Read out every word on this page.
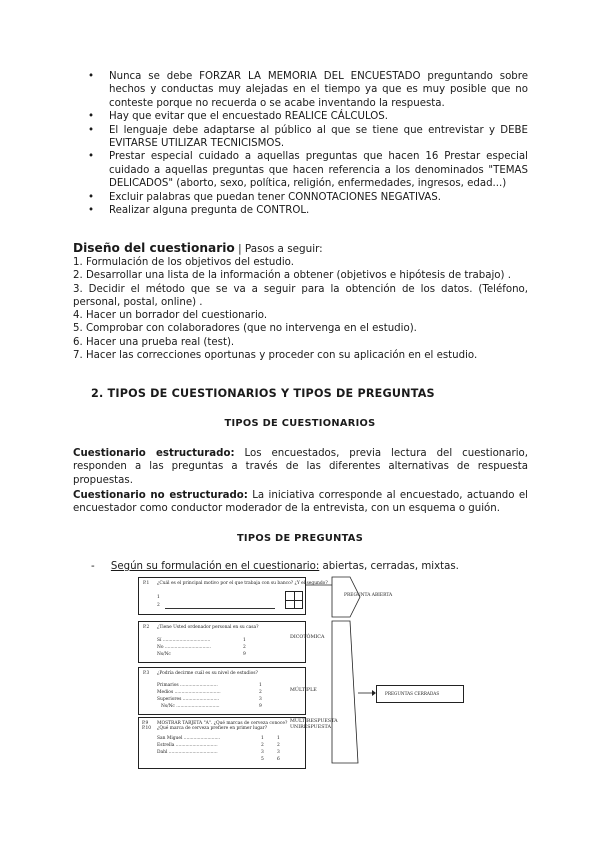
• Nunca se debe FORZAR LA MEMORIA DEL ENCUESTADO preguntando sobre hechos y conductas muy alejadas en el tiempo ya que es muy posible que no conteste porque no recuerda o se acabe inventando la respuesta.
• Hay que evitar que el encuestado REALICE CÁLCULOS.
• El lenguaje debe adaptarse al público al que se tiene que entrevistar y DEBE EVITARSE UTILIZAR TECNICISMOS.
• Prestar especial cuidado a aquellas preguntas que hacen 16 Prestar especial cuidado a aquellas preguntas que hacen referencia a los denominados "TEMAS DELICADOS" (aborto, sexo, política, religión, enfermedades, ingresos, edad...)
• Excluir palabras que puedan tener CONNOTACIONES NEGATIVAS.
• Realizar alguna pregunta de CONTROL.
Diseño del cuestionario | Pasos a seguir:
1. Formulación de los objetivos del estudio.
2. Desarrollar una lista de la información a obtener (objetivos e hipótesis de trabajo) .
3. Decidir el método que se va a seguir para la obtención de los datos. (Teléfono, personal, postal, online) .
4. Hacer un borrador del cuestionario.
5. Comprobar con colaboradores (que no intervenga en el estudio).
6. Hacer una prueba real (test).
7. Hacer las correcciones oportunas y proceder con su aplicación en el estudio.
2. TIPOS DE CUESTIONARIOS Y TIPOS DE PREGUNTAS
TIPOS DE CUESTIONARIOS
Cuestionario estructurado: Los encuestados, previa lectura del cuestionario, responden a las preguntas a través de las diferentes alternativas de respuesta propuestas.
Cuestionario no estructurado: La iniciativa corresponde al encuestado, actuando el encuestador como conductor moderador de la entrevista, con un esquema o guión.
TIPOS DE PREGUNTAS
- Según su formulación en el cuestionario: abiertas, cerradas, mixtas.
P.1 ¿Cuál es el principal motivo por el que trabaja con su banco? ¿Y el segundo?
1
2
PREGUNTA ABIERTA
P.2 ¿Tiene Usted ordenador personal en su casa?
Sí ..................................	1
No .................................	2
Ns/Nc	9
DICOTÓMICA
P.3 ¿Podría decirme cuál es su nivel de estudios?
Primarios ...........................	1
Medios .................................	2
Superiores ..........................	3
Ns/Nc ...............................	9
MÚLTIPLE
P.9
P.10
MOSTRAR TARJETA "A". ¿Qué marcas de cerveza conoce?
¿Qué marca de cerveza prefiere en primer lugar?
San Miguel ..........................	1	1
Estrella ..............................	2	2
Dahl ...................................	3	3
5	6
MULTIRESPUESTA
UNIRESPUESTA
PREGUNTAS CERRADAS
